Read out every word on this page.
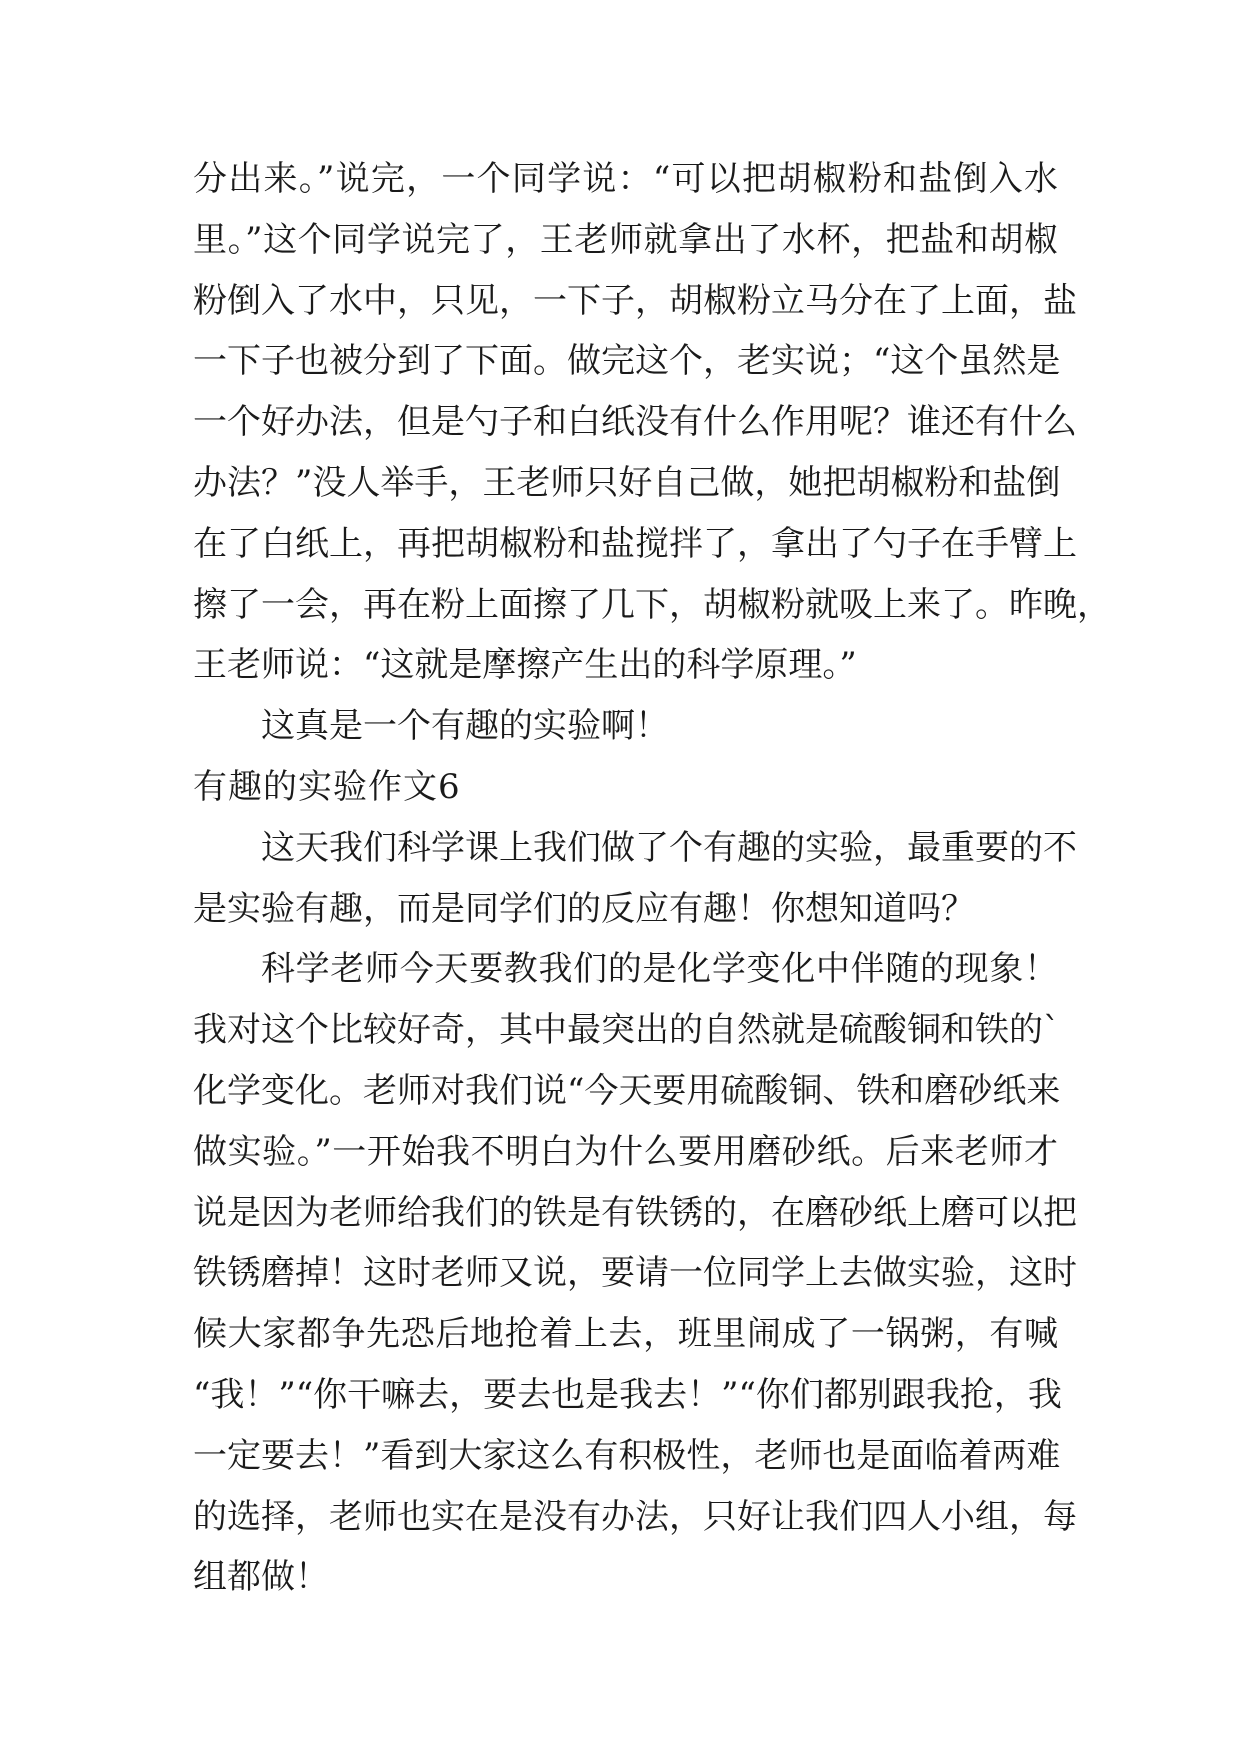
分出来。”说完，一个同学说：“可以把胡椒粉和盐倒入水
里。”这个同学说完了，王老师就拿出了水杯，把盐和胡椒
粉倒入了水中，只见，一下子，胡椒粉立马分在了上面，盐
一下子也被分到了下面。做完这个，老实说；“这个虽然是
一个好办法，但是勺子和白纸没有什么作用呢？谁还有什么
办法？”没人举手，王老师只好自己做，她把胡椒粉和盐倒
在了白纸上，再把胡椒粉和盐搅拌了，拿出了勺子在手臂上
擦了一会，再在粉上面擦了几下，胡椒粉就吸上来了。昨晚，
王老师说：“这就是摩擦产生出的科学原理。”
这真是一个有趣的实验啊！
有趣的实验作文6
这天我们科学课上我们做了个有趣的实验，最重要的不
是实验有趣，而是同学们的反应有趣！你想知道吗？
科学老师今天要教我们的是化学变化中伴随的现象！
我对这个比较好奇，其中最突出的自然就是硫酸铜和铁的`
化学变化。老师对我们说“今天要用硫酸铜、铁和磨砂纸来
做实验。”一开始我不明白为什么要用磨砂纸。后来老师才
说是因为老师给我们的铁是有铁锈的，在磨砂纸上磨可以把
铁锈磨掉！这时老师又说，要请一位同学上去做实验，这时
候大家都争先恐后地抢着上去，班里闹成了一锅粥，有喊
“我！”“你干嘛去，要去也是我去！”“你们都别跟我抢，我
一定要去！”看到大家这么有积极性，老师也是面临着两难
的选择，老师也实在是没有办法，只好让我们四人小组，每
组都做！
